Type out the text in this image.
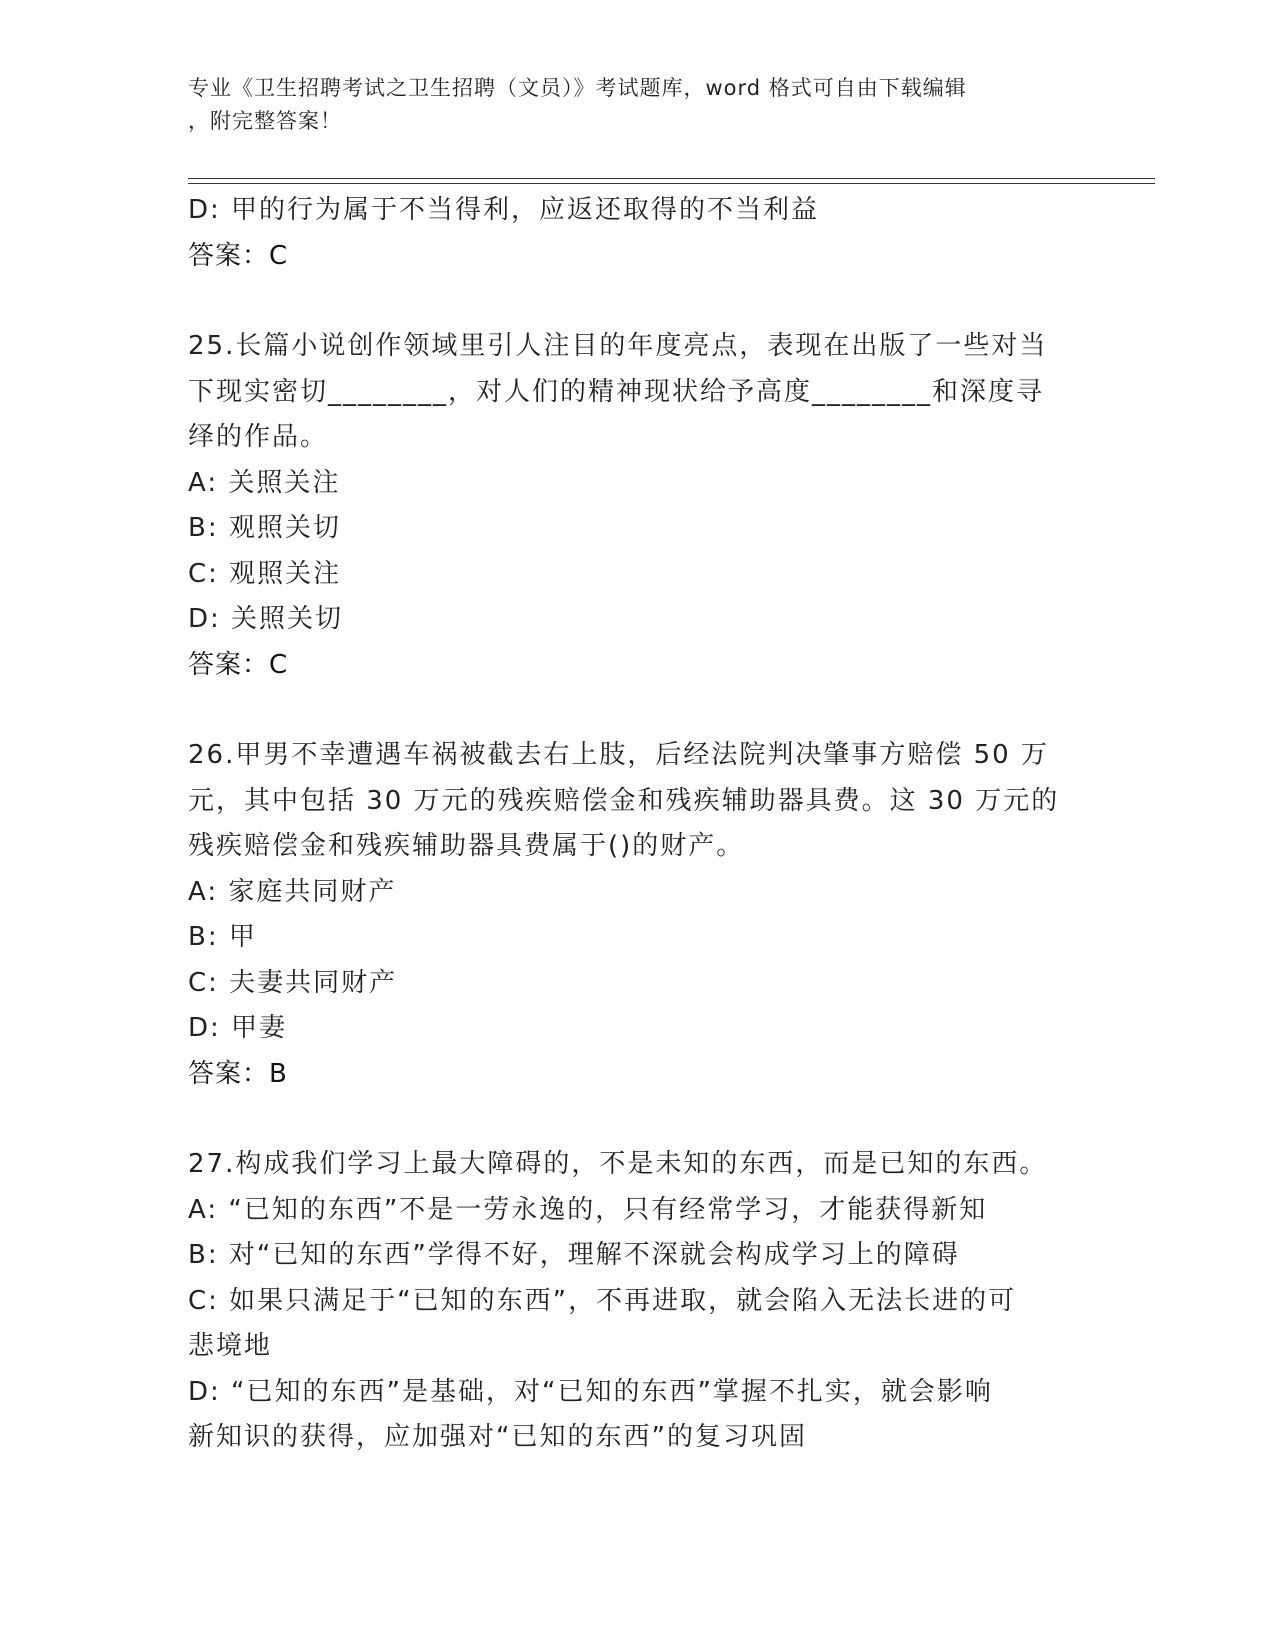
专业《卫生招聘考试之卫生招聘（文员）》考试题库，word 格式可自由下载编辑
，附完整答案！

D: 甲的行为属于不当得利，应返还取得的不当利益

答案：C

25.长篇小说创作领域里引人注目的年度亮点，表现在出版了一些对当

下现实密切________，对人们的精神现状给予高度________和深度寻

绎的作品。

A: 关照关注

B: 观照关切

C: 观照关注

D: 关照关切

答案：C

26.甲男不幸遭遇车祸被截去右上肢，后经法院判决肇事方赔偿 50 万

元，其中包括 30 万元的残疾赔偿金和残疾辅助器具费。这 30 万元的

残疾赔偿金和残疾辅助器具费属于()的财产。

A: 家庭共同财产

B: 甲

C: 夫妻共同财产

D: 甲妻

答案：B

27.构成我们学习上最大障碍的，不是未知的东西，而是已知的东西。

A: “已知的东西”不是一劳永逸的，只有经常学习，才能获得新知

B: 对“已知的东西”学得不好，理解不深就会构成学习上的障碍

C: 如果只满足于“已知的东西”，不再进取，就会陷入无法长进的可

悲境地

D: “已知的东西”是基础，对“已知的东西”掌握不扎实，就会影响

新知识的获得，应加强对“已知的东西”的复习巩固
